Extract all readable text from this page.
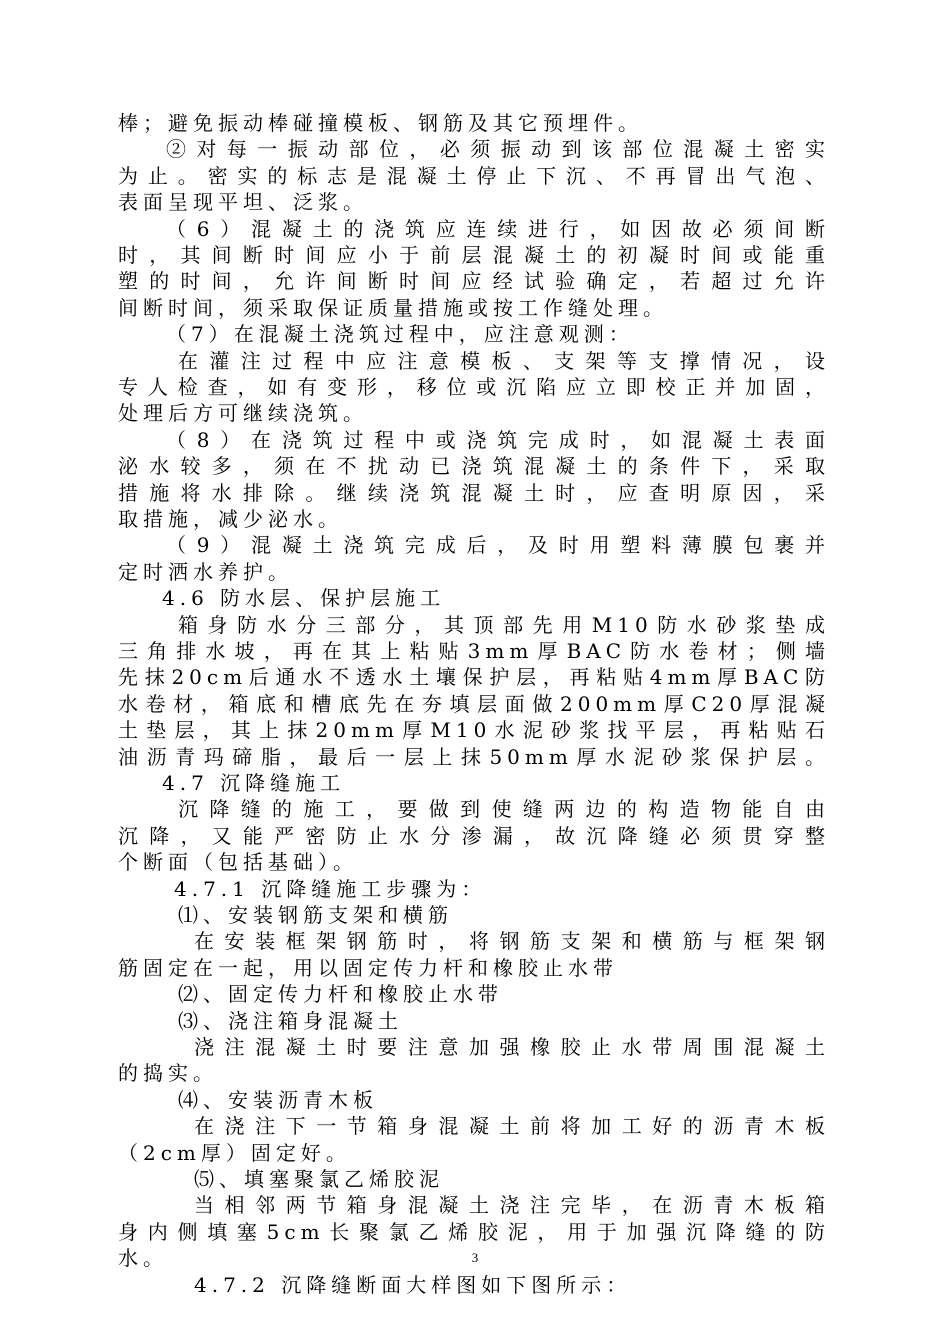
棒；避免振动棒碰撞模板、钢筋及其它预埋件。
②对每一振动部位，必须振动到该部位混凝土密实
为止。密实的标志是混凝土停止下沉、不再冒出气泡、
表面呈现平坦、泛浆。
（6）混凝土的浇筑应连续进行，如因故必须间断
时，其间断时间应小于前层混凝土的初凝时间或能重
塑的时间，允许间断时间应经试验确定，若超过允许
间断时间，须采取保证质量措施或按工作缝处理。
（7）在混凝土浇筑过程中，应注意观测：
在灌注过程中应注意模板、支架等支撑情况，设
专人检查，如有变形，移位或沉陷应立即校正并加固，
处理后方可继续浇筑。
（8）在浇筑过程中或浇筑完成时，如混凝土表面
泌水较多，须在不扰动已浇筑混凝土的条件下，采取
措施将水排除。继续浇筑混凝土时，应查明原因，采
取措施，减少泌水。
（9）混凝土浇筑完成后，及时用塑料薄膜包裹并
定时洒水养护。
4.6 防水层、保护层施工
箱身防水分三部分，其顶部先用M10防水砂浆垫成
三角排水坡，再在其上粘贴3mm厚BAC防水卷材；侧墙
先抹20cm后通水不透水土壤保护层，再粘贴4mm厚BAC防
水卷材，箱底和槽底先在夯填层面做200mm厚C20厚混凝
土垫层，其上抹20mm厚M10水泥砂浆找平层，再粘贴石
油沥青玛碲脂，最后一层上抹50mm厚水泥砂浆保护层。
4.7 沉降缝施工
沉降缝的施工，要做到使缝两边的构造物能自由
沉降，又能严密防止水分渗漏，故沉降缝必须贯穿整
个断面（包括基础）。
4.7.1 沉降缝施工步骤为：
⑴、安装钢筋支架和横筋
在安装框架钢筋时，将钢筋支架和横筋与框架钢
筋固定在一起，用以固定传力杆和橡胶止水带
⑵、固定传力杆和橡胶止水带
⑶、浇注箱身混凝土
浇注混凝土时要注意加强橡胶止水带周围混凝土
的捣实。
⑷、安装沥青木板
在浇注下一节箱身混凝土前将加工好的沥青木板
（2cm厚）固定好。
⑸、填塞聚氯乙烯胶泥
当相邻两节箱身混凝土浇注完毕，在沥青木板箱
身内侧填塞5cm长聚氯乙烯胶泥，用于加强沉降缝的防
水。
4.7.2 沉降缝断面大样图如下图所示：
3
